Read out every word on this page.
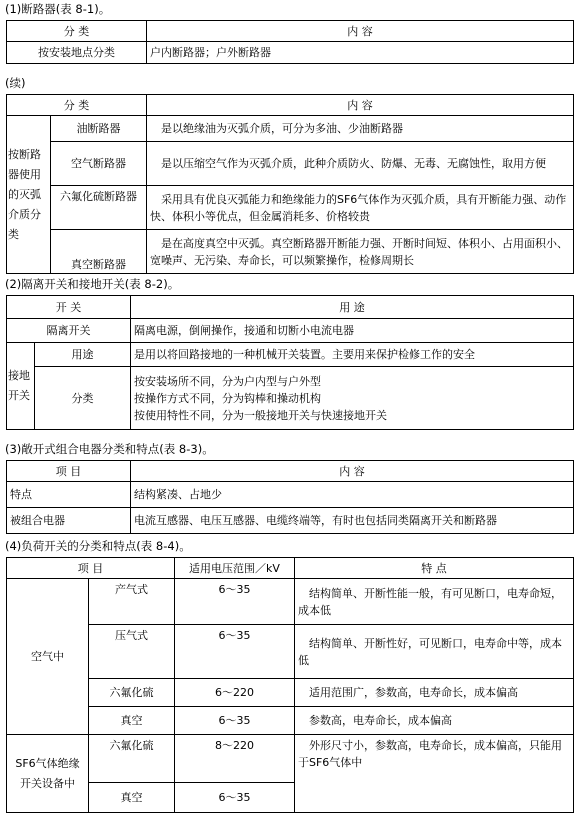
(1)断路器(表 8-1)。
分 类	内 容
按安装地点分类	户内断路器；户外断路器
(续)
分 类		内 容
按断路器使用的灭弧介质分类	油断路器	是以绝缘油为灭弧介质，可分为多油、少油断路器
	空气断路器	是以压缩空气作为灭弧介质，此种介质防火、防爆、无毒、无腐蚀性，取用方便
	六氟化硫断路器	采用具有优良灭弧能力和绝缘能力的SF6气体作为灭弧介质，具有开断能力强、动作快、体积小等优点，但金属消耗多、价格较贵
	真空断路器	是在高度真空中灭弧。真空断路器开断能力强、开断时间短、体积小、占用面积小、宽噪声、无污染、寿命长，可以频繁操作，检修周期长
(2)隔离开关和接地开关(表 8-2)。
开 关		用 途
隔离开关		隔离电源，倒闸操作，接通和切断小电流电器
接地开关	用途	是用以将回路接地的一种机械开关装置。主要用来保护检修工作的安全
	分类	按安装场所不同，分为户内型与户外型
按操作方式不同，分为钩棒和操动机构
按使用特性不同，分为一般接地开关与快速接地开关
(3)敞开式组合电器分类和特点(表 8-3)。
项 目	内 容
特点	结构紧凑、占地少
被组合电器	电流互感器、电压互感器、电缆终端等，有时也包括同类隔离开关和断路器
(4)负荷开关的分类和特点(表 8-4)。
项 目		适用电压范围／kV	特 点
空气中	产气式	6～35	结构简单、开断性能一般，有可见断口，电寿命短，成本低
	压气式	6～35	结构简单、开断性好，可见断口，电寿命中等，成本低
	六氟化硫	6～220	适用范围广，参数高，电寿命长，成本偏高
	真空	6～35	参数高，电寿命长，成本偏高
SF6气体绝缘开关设备中	六氟化硫	8～220	外形尺寸小，参数高，电寿命长，成本偏高，只能用于SF6气体中
	真空	6～35	
